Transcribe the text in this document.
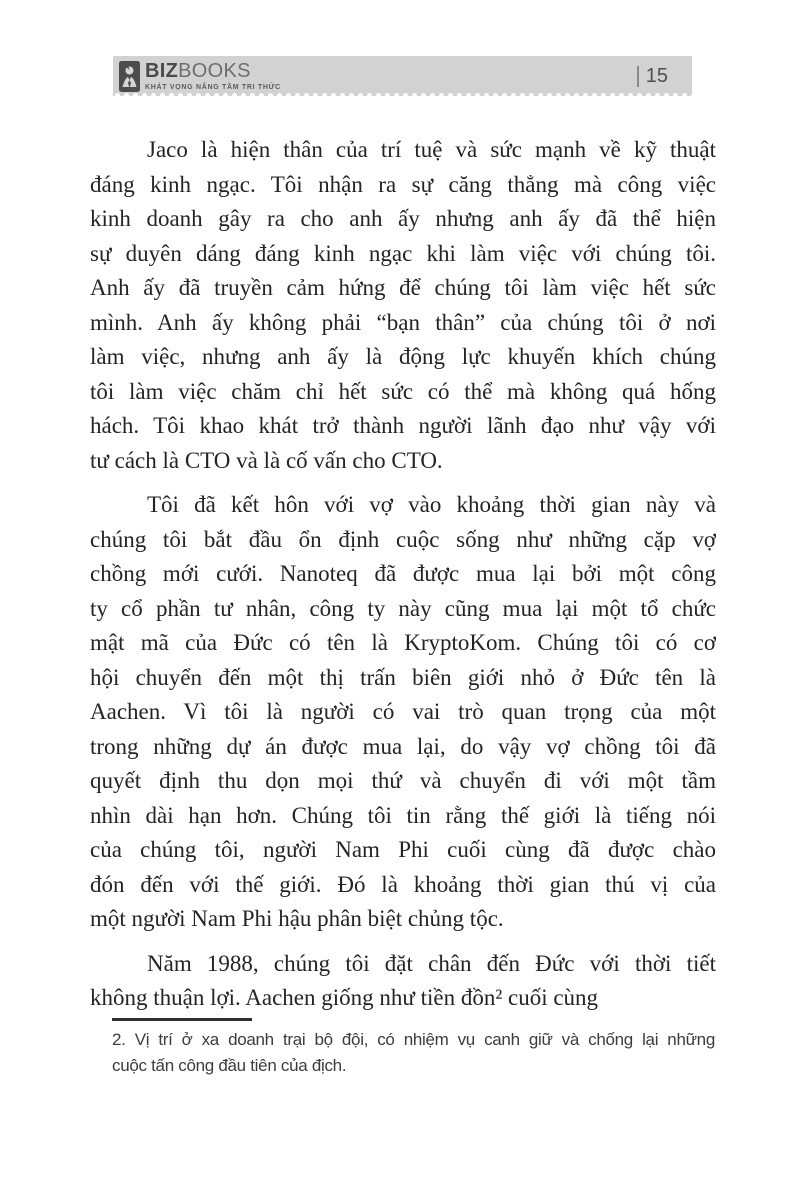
BIZBOOKS
KHÁT VỌNG NÂNG TẦM TRI THỨC
15
Jaco là hiện thân của trí tuệ và sức mạnh về kỹ thuật
đáng kinh ngạc. Tôi nhận ra sự căng thẳng mà công việc
kinh doanh gây ra cho anh ấy nhưng anh ấy đã thể hiện
sự duyên dáng đáng kinh ngạc khi làm việc với chúng tôi.
Anh ấy đã truyền cảm hứng để chúng tôi làm việc hết sức
mình. Anh ấy không phải “bạn thân” của chúng tôi ở nơi
làm việc, nhưng anh ấy là động lực khuyến khích chúng
tôi làm việc chăm chỉ hết sức có thể mà không quá hống
hách. Tôi khao khát trở thành người lãnh đạo như vậy với
tư cách là CTO và là cố vấn cho CTO.
Tôi đã kết hôn với vợ vào khoảng thời gian này và
chúng tôi bắt đầu ổn định cuộc sống như những cặp vợ
chồng mới cưới. Nanoteq đã được mua lại bởi một công
ty cổ phần tư nhân, công ty này cũng mua lại một tổ chức
mật mã của Đức có tên là KryptoKom. Chúng tôi có cơ
hội chuyển đến một thị trấn biên giới nhỏ ở Đức tên là
Aachen. Vì tôi là người có vai trò quan trọng của một
trong những dự án được mua lại, do vậy vợ chồng tôi đã
quyết định thu dọn mọi thứ và chuyển đi với một tầm
nhìn dài hạn hơn. Chúng tôi tin rằng thế giới là tiếng nói
của chúng tôi, người Nam Phi cuối cùng đã được chào
đón đến với thế giới. Đó là khoảng thời gian thú vị của
một người Nam Phi hậu phân biệt chủng tộc.
Năm 1988, chúng tôi đặt chân đến Đức với thời tiết
không thuận lợi. Aachen giống như tiền đồn² cuối cùng
2. Vị trí ở xa doanh trại bộ đội, có nhiệm vụ canh giữ và chống lại những
cuộc tấn công đầu tiên của địch.
